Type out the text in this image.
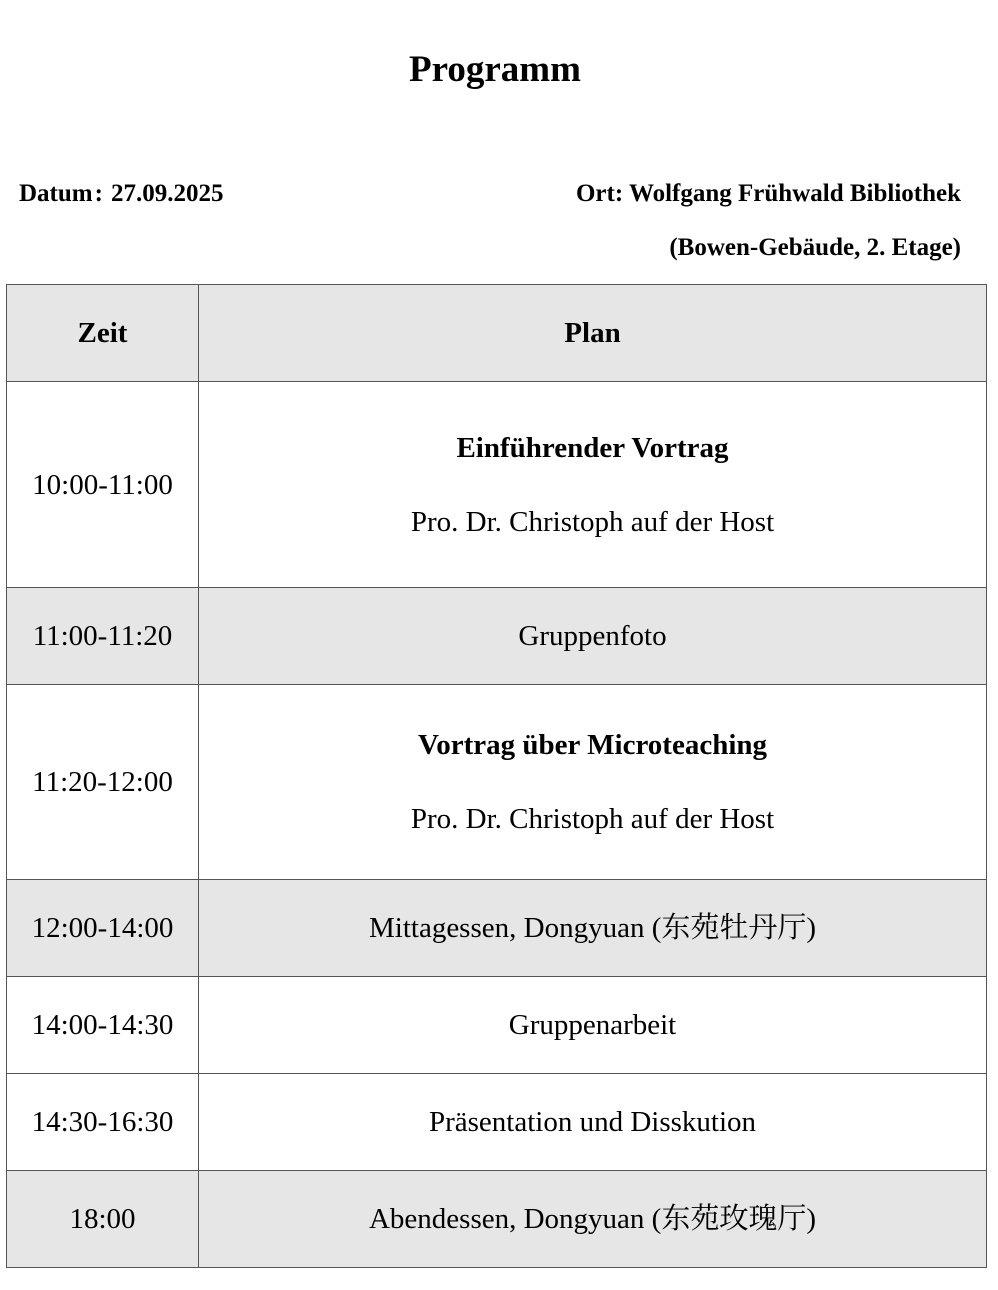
Programm
Datum: 27.09.2025	Ort: Wolfgang Frühwald Bibliothek
(Bowen-Gebäude, 2. Etage)
Zeit	Plan
10:00-11:00	Einführender Vortrag
Pro. Dr. Christoph auf der Host

11:00-11:20	Gruppenfoto
11:20-12:00	Vortrag über Microteaching
Pro. Dr. Christoph auf der Host

12:00-14:00	Mittagessen, Dongyuan (东苑牡丹厅)
14:00-14:30	Gruppenarbeit
14:30-16:30	Präsentation und Disskution
18:00	Abendessen, Dongyuan (东苑玫瑰厅)
